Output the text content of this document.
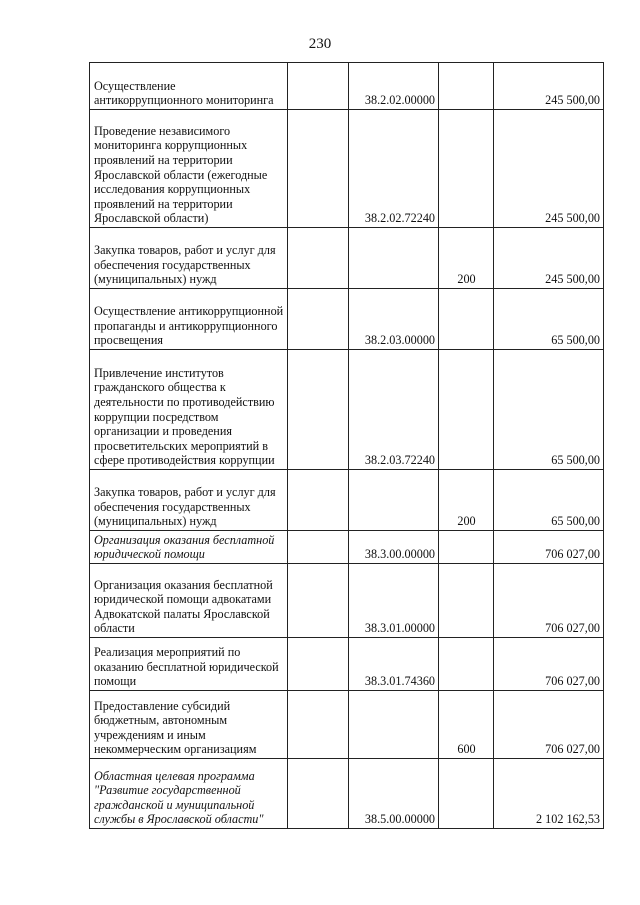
230
Осуществление антикоррупционного мониторинга		38.2.02.00000		245 500,00
Проведение независимого мониторинга коррупционных проявлений на территории Ярославской области (ежегодные исследования коррупционных проявлений на территории Ярославской области)		38.2.02.72240		245 500,00
Закупка товаров, работ и услуг для обеспечения государственных (муниципальных) нужд			200	245 500,00
Осуществление антикоррупционной пропаганды и антикоррупционного просвещения		38.2.03.00000		65 500,00
Привлечение институтов гражданского общества к деятельности по противодействию коррупции посредством организации и проведения просветительских мероприятий в сфере противодействия коррупции		38.2.03.72240		65 500,00
Закупка товаров, работ и услуг для обеспечения государственных (муниципальных) нужд			200	65 500,00
Организация оказания бесплатной юридической помощи		38.3.00.00000		706 027,00
Организация оказания бесплатной юридической помощи адвокатами Адвокатской палаты Ярославской области		38.3.01.00000		706 027,00
Реализация мероприятий по оказанию бесплатной юридической помощи		38.3.01.74360		706 027,00
Предоставление субсидий бюджетным, автономным учреждениям и иным некоммерческим организациям			600	706 027,00
Областная целевая программа "Развитие государственной гражданской и муниципальной службы в Ярославской области"		38.5.00.00000		2 102 162,53
